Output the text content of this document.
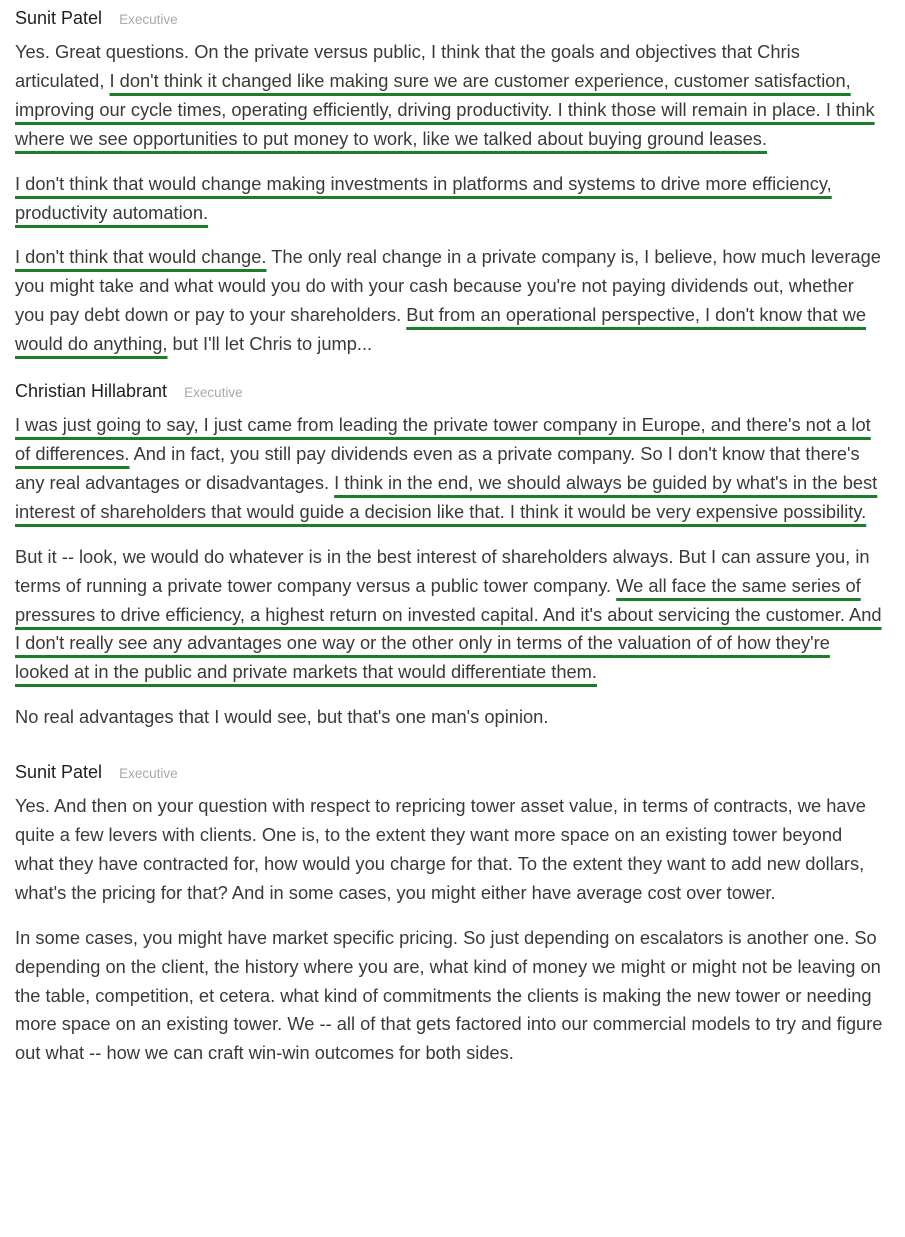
Sunit Patel Executive

Yes. Great questions. On the private versus public, I think that the goals and objectives that Chris articulated, I don't think it changed like making sure we are customer experience, customer satisfaction, improving our cycle times, operating efficiently, driving productivity. I think those will remain in place. I think where we see opportunities to put money to work, like we talked about buying ground leases.

I don't think that would change making investments in platforms and systems to drive more efficiency, productivity automation.

I don't think that would change. The only real change in a private company is, I believe, how much leverage you might take and what would you do with your cash because you're not paying dividends out, whether you pay debt down or pay to your shareholders. But from an operational perspective, I don't know that we would do anything, but I'll let Chris to jump...

Christian Hillabrant Executive

I was just going to say, I just came from leading the private tower company in Europe, and there's not a lot of differences. And in fact, you still pay dividends even as a private company. So I don't know that there's any real advantages or disadvantages. I think in the end, we should always be guided by what's in the best interest of shareholders that would guide a decision like that. I think it would be very expensive possibility.

But it -- look, we would do whatever is in the best interest of shareholders always. But I can assure you, in terms of running a private tower company versus a public tower company. We all face the same series of pressures to drive efficiency, a highest return on invested capital. And it's about servicing the customer. And I don't really see any advantages one way or the other only in terms of the valuation of of how they're looked at in the public and private markets that would differentiate them.

No real advantages that I would see, but that's one man's opinion.

Sunit Patel Executive

Yes. And then on your question with respect to repricing tower asset value, in terms of contracts, we have quite a few levers with clients. One is, to the extent they want more space on an existing tower beyond what they have contracted for, how would you charge for that. To the extent they want to add new dollars, what's the pricing for that? And in some cases, you might either have average cost over tower.

In some cases, you might have market specific pricing. So just depending on escalators is another one. So depending on the client, the history where you are, what kind of money we might or might not be leaving on the table, competition, et cetera. what kind of commitments the clients is making the new tower or needing more space on an existing tower. We -- all of that gets factored into our commercial models to try and figure out what -- how we can craft win-win outcomes for both sides.
